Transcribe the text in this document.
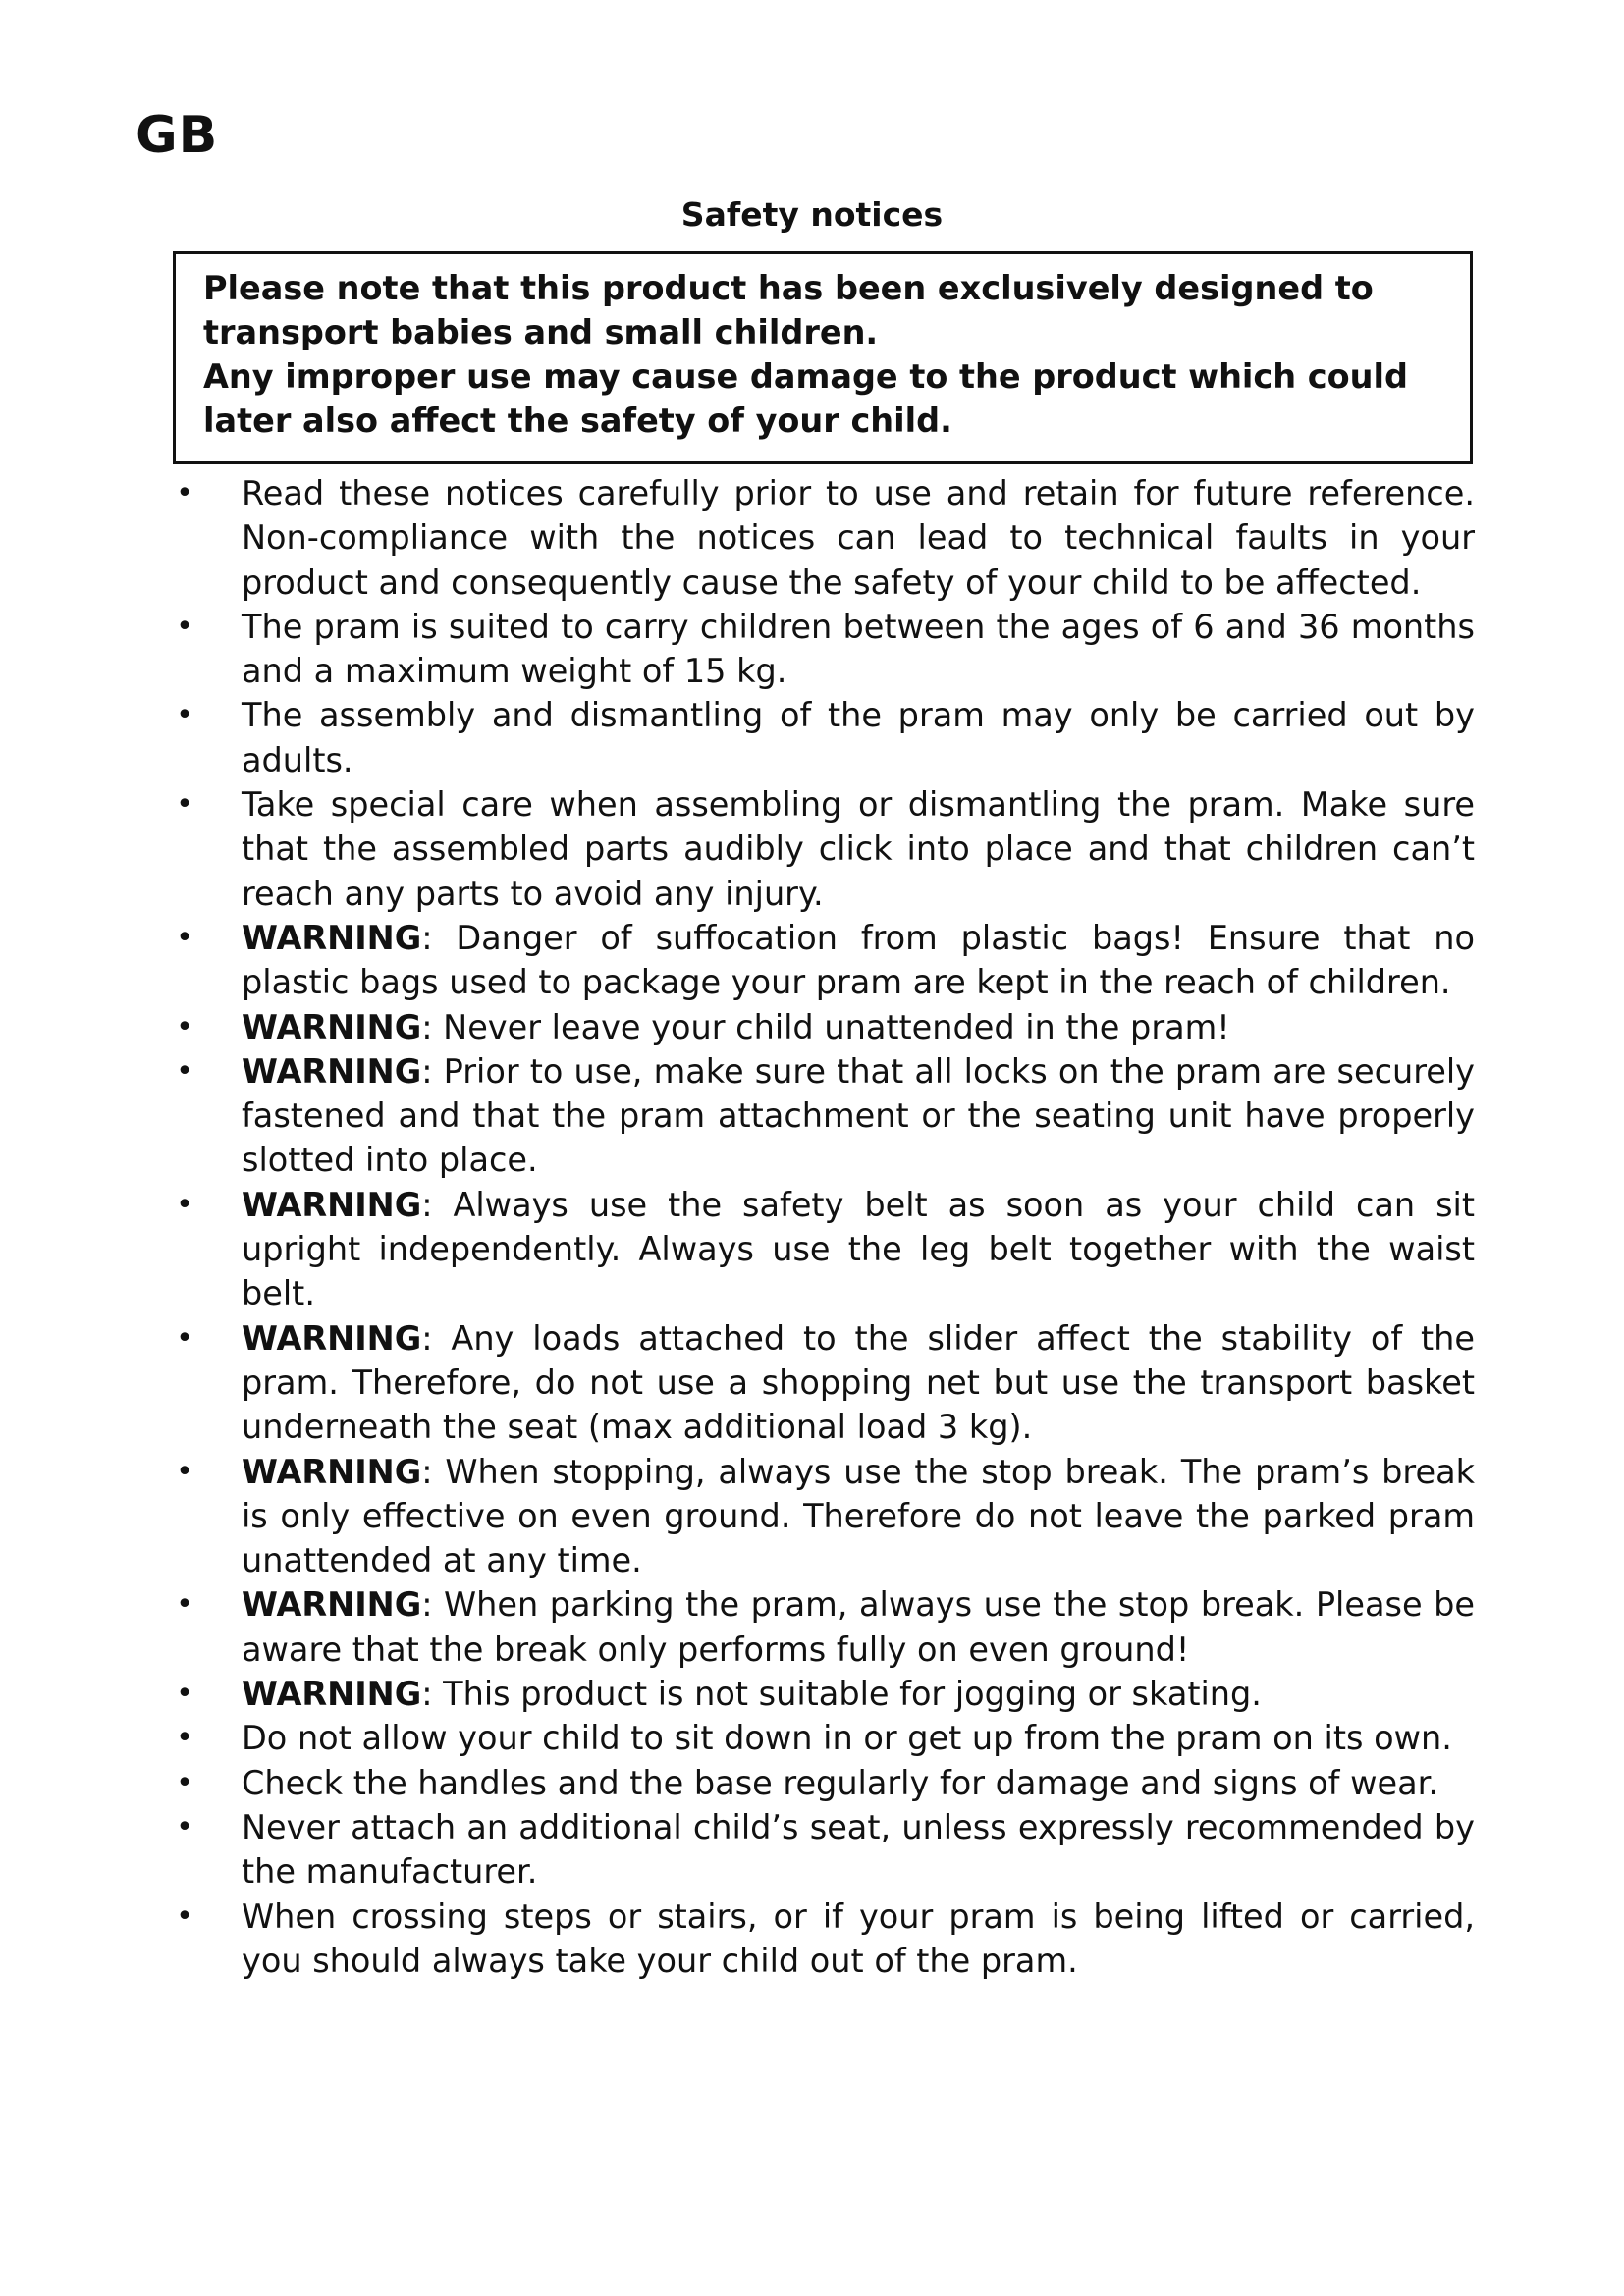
GB
Safety notices

Please note that this product has been exclusively designed to transport babies and small children.

Any improper use may cause damage to the product which could later also affect the safety of your child.

• Read these notices carefully prior to use and retain for future reference. Non-compliance with the notices can lead to technical faults in your product and consequently cause the safety of your child to be affected.
• The pram is suited to carry children between the ages of 6 and 36 months and a maximum weight of 15 kg.
• The assembly and dismantling of the pram may only be carried out by adults.
• Take special care when assembling or dismantling the pram. Make sure that the assembled parts audibly click into place and that children can’t reach any parts to avoid any injury.
• WARNING: Danger of suffocation from plastic bags! Ensure that no plastic bags used to package your pram are kept in the reach of children.
• WARNING: Never leave your child unattended in the pram!
• WARNING: Prior to use, make sure that all locks on the pram are securely fastened and that the pram attachment or the seating unit have properly slotted into place.
• WARNING: Always use the safety belt as soon as your child can sit upright independently. Always use the leg belt together with the waist belt.
• WARNING: Any loads attached to the slider affect the stability of the pram. Therefore, do not use a shopping net but use the transport basket underneath the seat (max additional load 3 kg).
• WARNING: When stopping, always use the stop break. The pram’s break is only effective on even ground. Therefore do not leave the parked pram unattended at any time.
• WARNING: When parking the pram, always use the stop break. Please be aware that the break only performs fully on even ground!
• WARNING: This product is not suitable for jogging or skating.
• Do not allow your child to sit down in or get up from the pram on its own.
• Check the handles and the base regularly for damage and signs of wear.
• Never attach an additional child’s seat, unless expressly recommended by the manufacturer.
• When crossing steps or stairs, or if your pram is being lifted or carried, you should always take your child out of the pram.
